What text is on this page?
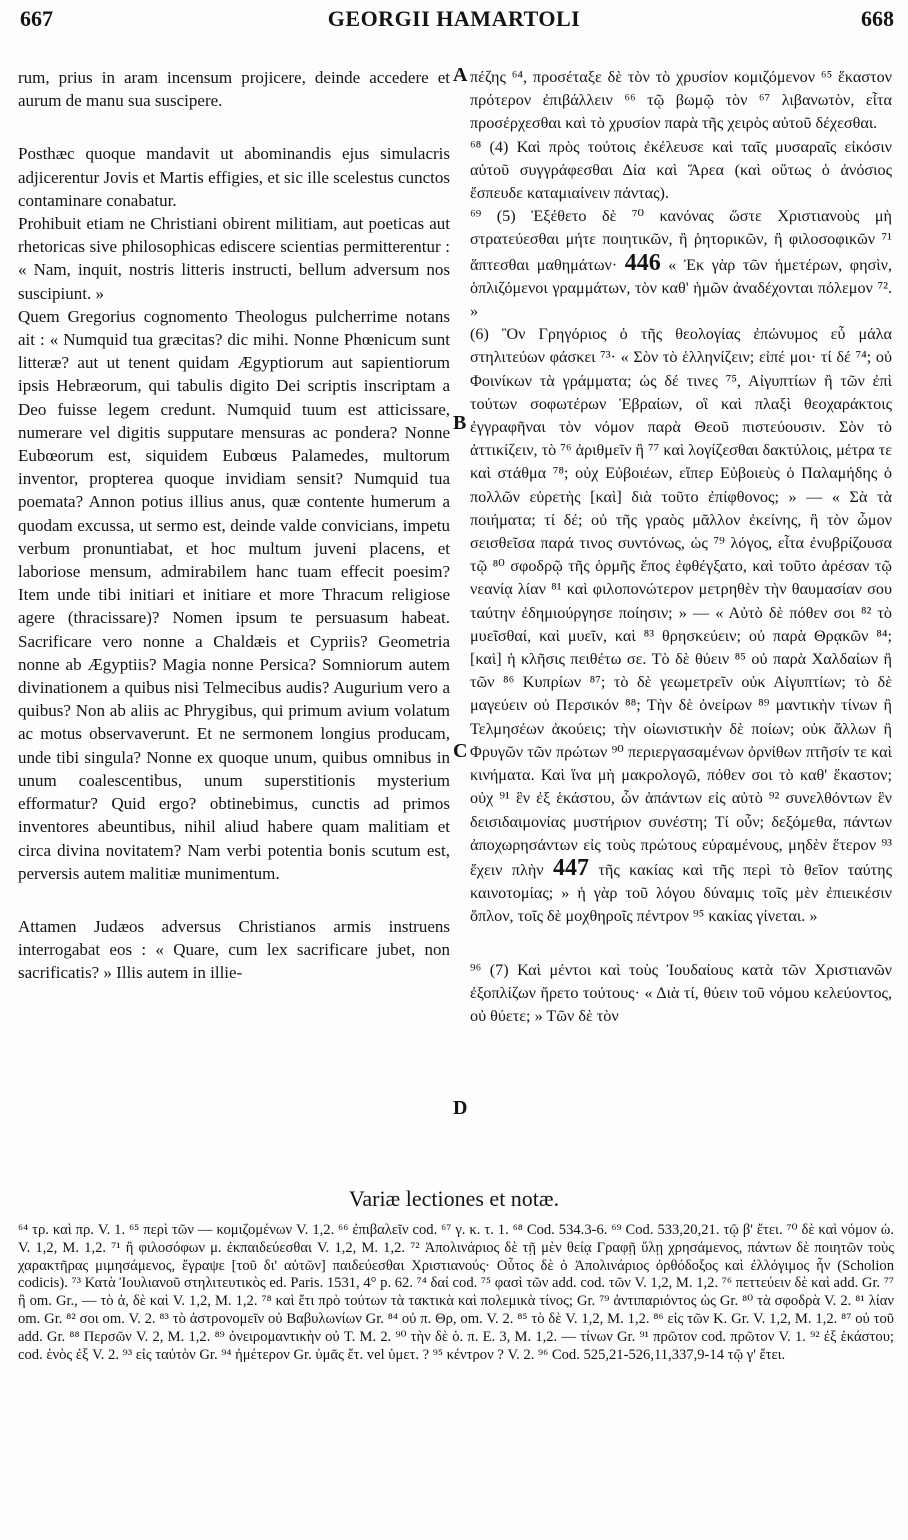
667	GEORGII HAMARTOLI	668

rum, prius in aram incensum projicere, deinde accedere et aurum de manu sua suscipere.

Posthæc quoque mandavit ut abominandis ejus simulacris adjicerentur Jovis et Martis effigies, et sic ille scelestus cunctos contaminare conabatur.

Prohibuit etiam ne Christiani obirent militiam, aut poeticas aut rhetoricas sive philosophicas ediscere scientias permitterentur : « Nam, inquit, nostris litteris instructi, bellum adversum nos suscipiunt. »

Quem Gregorius cognomento Theologus pulcherrime notans ait : « Numquid tua græcitas? dic mihi. Nonne Phœnicum sunt litteræ? aut ut tenent quidam Ægyptiorum aut sapientiorum ipsis Hebræorum, qui tabulis digito Dei scriptis inscriptam a Deo fuisse legem credunt. Numquid tuum est atticissare, numerare vel digitis supputare mensuras ac pondera? Nonne Eubœorum est, siquidem Eubœus Palamedes, multorum inventor, propterea quoque invidiam sensit? Numquid tua poemata? Annon potius illius anus, quæ contente humerum a quodam excussa, ut sermo est, deinde valde convicians, impetu verbum pronuntiabat, et hoc multum juveni placens, et laboriose mensum, admirabilem hanc tuam effecit poesim? Item unde tibi initiari et initiare et more Thracum religiose agere (thracissare)? Nomen ipsum te persuasum habeat. Sacrificare vero nonne a Chaldæis et Cypriis? Geometria nonne ab Ægyptiis? Magia nonne Persica? Somniorum autem divinationem a quibus nisi Telmecibus audis? Augurium vero a quibus? Non ab aliis ac Phrygibus, qui primum avium volatum ac motus observaverunt. Et ne sermonem longius producam, unde tibi singula? Nonne ex quoque unum, quibus omnibus in unum coalescentibus, unum superstitionis mysterium efformatur? Quid ergo? obtinebimus, cunctis ad primos inventores abeuntibus, nihil aliud habere quam malitiam et circa divina novitatem? Nam verbi potentia bonis scutum est, perversis autem malitiæ munimentum.

Attamen Judæos adversus Christianos armis instruens interrogabat eos : « Quare, cum lex sacrificare jubet, non sacrificatis? » Illis autem in illie-

A
B
C
D

πέζης ⁶⁴, προσέταξε δὲ τὸν τὸ χρυσίον κομιζόμενον ⁶⁵ ἕκαστον πρότερον ἐπιβάλλειν ⁶⁶ τῷ βωμῷ τὸν ⁶⁷ λιβανωτὸν, εἶτα προσέρχεσθαι καὶ τὸ χρυσίον παρὰ τῆς χειρὸς αὐτοῦ δέχεσθαι.

⁶⁸ (4) Καὶ πρὸς τούτοις ἐκέλευσε καὶ ταῖς μυσαραῖς εἰκόσιν αὐτοῦ συγγράφεσθαι Δία καὶ Ἄρεα (καὶ οὕτως ὁ ἀνόσιος ἔσπευδε καταμιαίνειν πάντας).

⁶⁹ (5) Ἐξέθετο δὲ ⁷⁰ κανόνας ὥστε Χριστιανοὺς μὴ στρατεύεσθαι μήτε ποιητικῶν, ἢ ῥητορικῶν, ἢ φιλοσοφικῶν ⁷¹ ἅπτεσθαι μαθημάτων· 446 « Ἐκ γὰρ τῶν ἡμετέρων, φησὶν, ὁπλιζόμενοι γραμμάτων, τὸν καθ' ἡμῶν ἀναδέχονται πόλεμον ⁷². »

(6) Ὃν Γρηγόριος ὁ τῆς θεολογίας ἐπώνυμος εὖ μάλα στηλιτεύων φάσκει ⁷³· « Σὸν τὸ ἑλληνίζειν; εἰπέ μοι· τί δέ ⁷⁴; οὐ Φοινίκων τὰ γράμματα; ὡς δέ τινες ⁷⁵, Αἰγυπτίων ἢ τῶν ἐπὶ τούτων σοφωτέρων Ἑβραίων, οἳ καὶ πλαξὶ θεοχαράκτοις ἐγγραφῆναι τὸν νόμον παρὰ Θεοῦ πιστεύουσιν. Σὸν τὸ ἀττικίζειν, τὸ ⁷⁶ ἀριθμεῖν ἢ ⁷⁷ καὶ λογίζεσθαι δακτύλοις, μέτρα τε καὶ στάθμα ⁷⁸; οὐχ Εὐβοιέων, εἴπερ Εὐβοιεὺς ὁ Παλαμήδης ὁ πολλῶν εὑρετὴς [καὶ] διὰ τοῦτο ἐπίφθονος; » — « Σὰ τὰ ποιήματα; τί δέ; οὐ τῆς γραὸς μᾶλλον ἐκείνης, ἣ τὸν ὦμον σεισθεῖσα παρά τινος συντόνως, ὡς ⁷⁹ λόγος, εἶτα ἐνυβρίζουσα τῷ ⁸⁰ σφοδρῷ τῆς ὁρμῆς ἔπος ἐφθέγξατο, καὶ τοῦτο ἀρέσαν τῷ νεανίᾳ λίαν ⁸¹ καὶ φιλοπονώτερον μετρηθὲν τὴν θαυμασίαν σου ταύτην ἐδημιούργησε ποίησιν; » — « Αὐτὸ δὲ πόθεν σοι ⁸² τὸ μυεῖσθαί, καὶ μυεῖν, καὶ ⁸³ θρησκεύειν; οὐ παρὰ Θρᾳκῶν ⁸⁴; [καὶ] ἡ κλῆσις πειθέτω σε. Τὸ δὲ θύειν ⁸⁵ οὐ παρὰ Χαλδαίων ἢ τῶν ⁸⁶ Κυπρίων ⁸⁷; τὸ δὲ γεωμετρεῖν οὐκ Αἰγυπτίων; τὸ δὲ μαγεύειν οὐ Περσικόν ⁸⁸; Τὴν δὲ ὀνείρων ⁸⁹ μαντικὴν τίνων ἢ Τελμησέων ἀκούεις; τὴν οἰωνιστικὴν δὲ ποίων; οὐκ ἄλλων ἢ Φρυγῶν τῶν πρώτων ⁹⁰ περιεργασαμένων ὀρνίθων πτῆσίν τε καὶ κινήματα. Καὶ ἵνα μὴ μακρολογῶ, πόθεν σοι τὸ καθ' ἕκαστον; οὐχ ⁹¹ ἓν ἐξ ἑκάστου, ὧν ἁπάντων εἰς αὐτὸ ⁹² συνελθόντων ἓν δεισιδαιμονίας μυστήριον συνέστη; Τί οὖν; δεξόμεθα, πάντων ἀποχωρησάντων εἰς τοὺς πρώτους εὑραμένους, μηδὲν ἕτερον ⁹³ ἔχειν πλὴν 447 τῆς κακίας καὶ τῆς περὶ τὸ θεῖον ταύτης καινοτομίας; » ἡ γὰρ τοῦ λόγου δύναμις τοῖς μὲν ἐπιεικέσιν ὅπλον, τοῖς δὲ μοχθηροῖς πέντρον ⁹⁵ κακίας γίνεται. »

⁹⁶ (7) Καὶ μέντοι καὶ τοὺς Ἰουδαίους κατὰ τῶν Χριστιανῶν ἐξοπλίζων ἤρετο τούτους· « Διὰ τί, θύειν τοῦ νόμου κελεύοντος, οὐ θύετε; » Τῶν δὲ τὸν

Variæ lectiones et notæ.

⁶⁴ τρ. καὶ πρ. V. 1. ⁶⁵ περὶ τῶν — κομιζομένων V. 1,2. ⁶⁶ ἐπιβαλεῖν cod. ⁶⁷ γ. κ. τ. 1. ⁶⁸ Cod. 534.3-6. ⁶⁹ Cod. 533,20,21. τῷ β' ἔτει. ⁷⁰ δὲ καὶ νόμον ὡ. V. 1,2, M. 1,2. ⁷¹ ἢ φιλοσόφων μ. ἐκπαιδεύεσθαι V. 1,2, M. 1,2. ⁷² Ἀπολινάριος δὲ τῇ μὲν θείᾳ Γραφῇ ὕλῃ χρησάμενος, πάντων δὲ ποιητῶν τοὺς χαρακτῆρας μιμησάμενος, ἔγραψε [τοῦ δι' αὐτῶν] παιδεύεσθαι Χριστιανούς· Οὗτος δὲ ὁ Ἀπολινάριος ὀρθόδοξος καὶ ἐλλόγιμος ἦν (Scholion codicis). ⁷³ Κατὰ Ἰουλιανοῦ στηλιτευτικὸς ed. Paris. 1531, 4° p. 62. ⁷⁴ δαί cod. ⁷⁵ φασὶ τῶν add. cod. τῶν V. 1,2, M. 1,2. ⁷⁶ πεττεύειν δὲ καὶ add. Gr. ⁷⁷ ἢ om. Gr., — τὸ ἀ, δὲ καὶ V. 1,2, M. 1,2. ⁷⁸ καὶ ἔτι πρὸ τούτων τὰ τακτικὰ καὶ πολεμικὰ τίνος; Gr. ⁷⁹ ἀντιπαριόντος ὡς Gr. ⁸⁰ τὰ σφοδρὰ V. 2. ⁸¹ λίαν om. Gr. ⁸² σοι om. V. 2. ⁸³ τὸ ἀστρονομεῖν οὐ Βαβυλωνίων Gr. ⁸⁴ οὐ π. Θρ, om. V. 2. ⁸⁵ τὸ δὲ V. 1,2, M. 1,2. ⁸⁶ εἰς τῶν K. Gr. V. 1,2, M. 1,2. ⁸⁷ οὐ τοῦ add. Gr. ⁸⁸ Περσῶν V. 2, M. 1,2. ⁸⁹ ὀνειρομαντικὴν οὐ T. M. 2. ⁹⁰ τὴν δὲ ὁ. π. E. 3, M. 1,2. — τίνων Gr. ⁹¹ πρῶτον cod. πρῶτον V. 1. ⁹² ἐξ ἑκάστου; cod. ἑνὸς ἐξ V. 2. ⁹³ εἰς ταὐτὸν Gr. ⁹⁴ ἡμέτερον Gr. ὑμᾶς ἔτ. vel ὑμετ. ? ⁹⁵ κέντρον ? V. 2. ⁹⁶ Cod. 525,21-526,11,337,9-14 τῷ γ' ἔτει.
